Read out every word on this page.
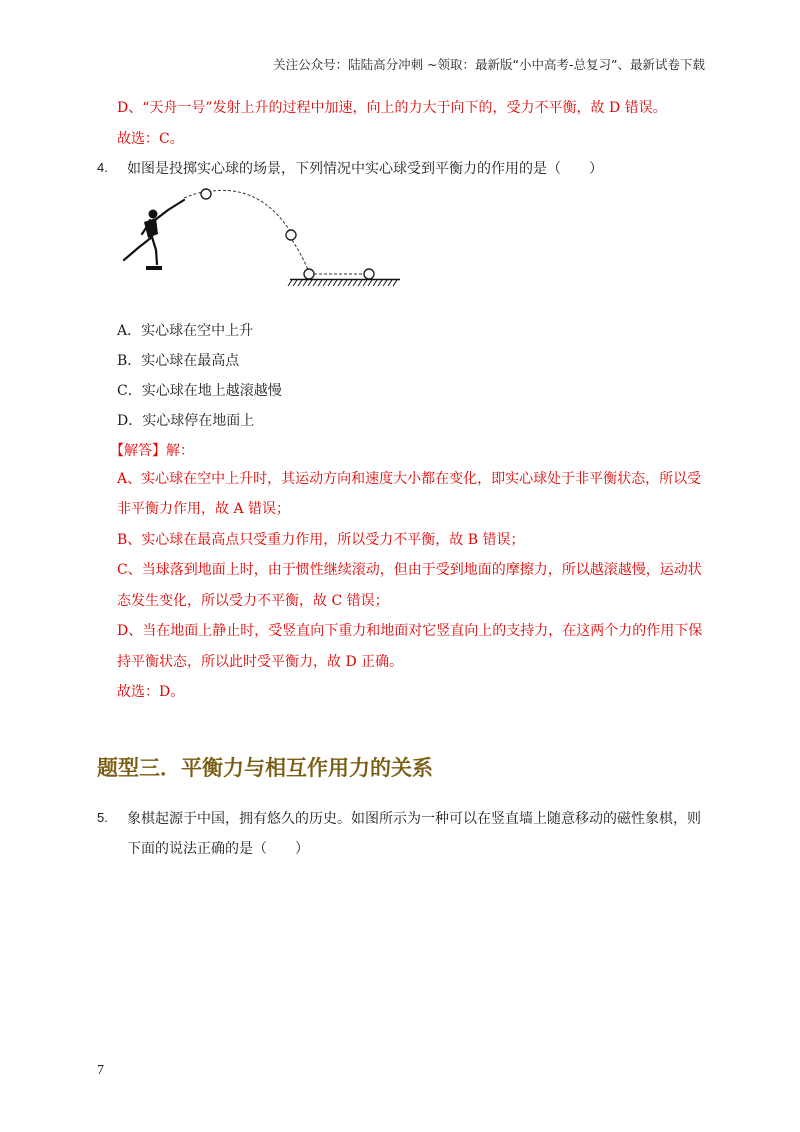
关注公众号：陆陆高分冲刺 ~领取：最新版“小中高考-总复习”、最新试卷下载
D、“天舟一号”发射上升的过程中加速，向上的力大于向下的，受力不平衡，故 D 错误。
故选：C。
4. 如图是投掷实心球的场景，下列情况中实心球受到平衡力的作用的是（　　）
A．实心球在空中上升
B．实心球在最高点
C．实心球在地上越滚越慢
D．实心球停在地面上
【解答】解：
A、实心球在空中上升时，其运动方向和速度大小都在变化，即实心球处于非平衡状态，所以受
非平衡力作用，故 A 错误；
B、实心球在最高点只受重力作用，所以受力不平衡，故 B 错误；
C、当球落到地面上时，由于惯性继续滚动，但由于受到地面的摩擦力，所以越滚越慢，运动状
态发生变化，所以受力不平衡，故 C 错误；
D、当在地面上静止时，受竖直向下重力和地面对它竖直向上的支持力，在这两个力的作用下保
持平衡状态，所以此时受平衡力，故 D 正确。
故选：D。
题型三．平衡力与相互作用力的关系
5. 象棋起源于中国，拥有悠久的历史。如图所示为一种可以在竖直墙上随意移动的磁性象棋，则
下面的说法正确的是（　　）
7
